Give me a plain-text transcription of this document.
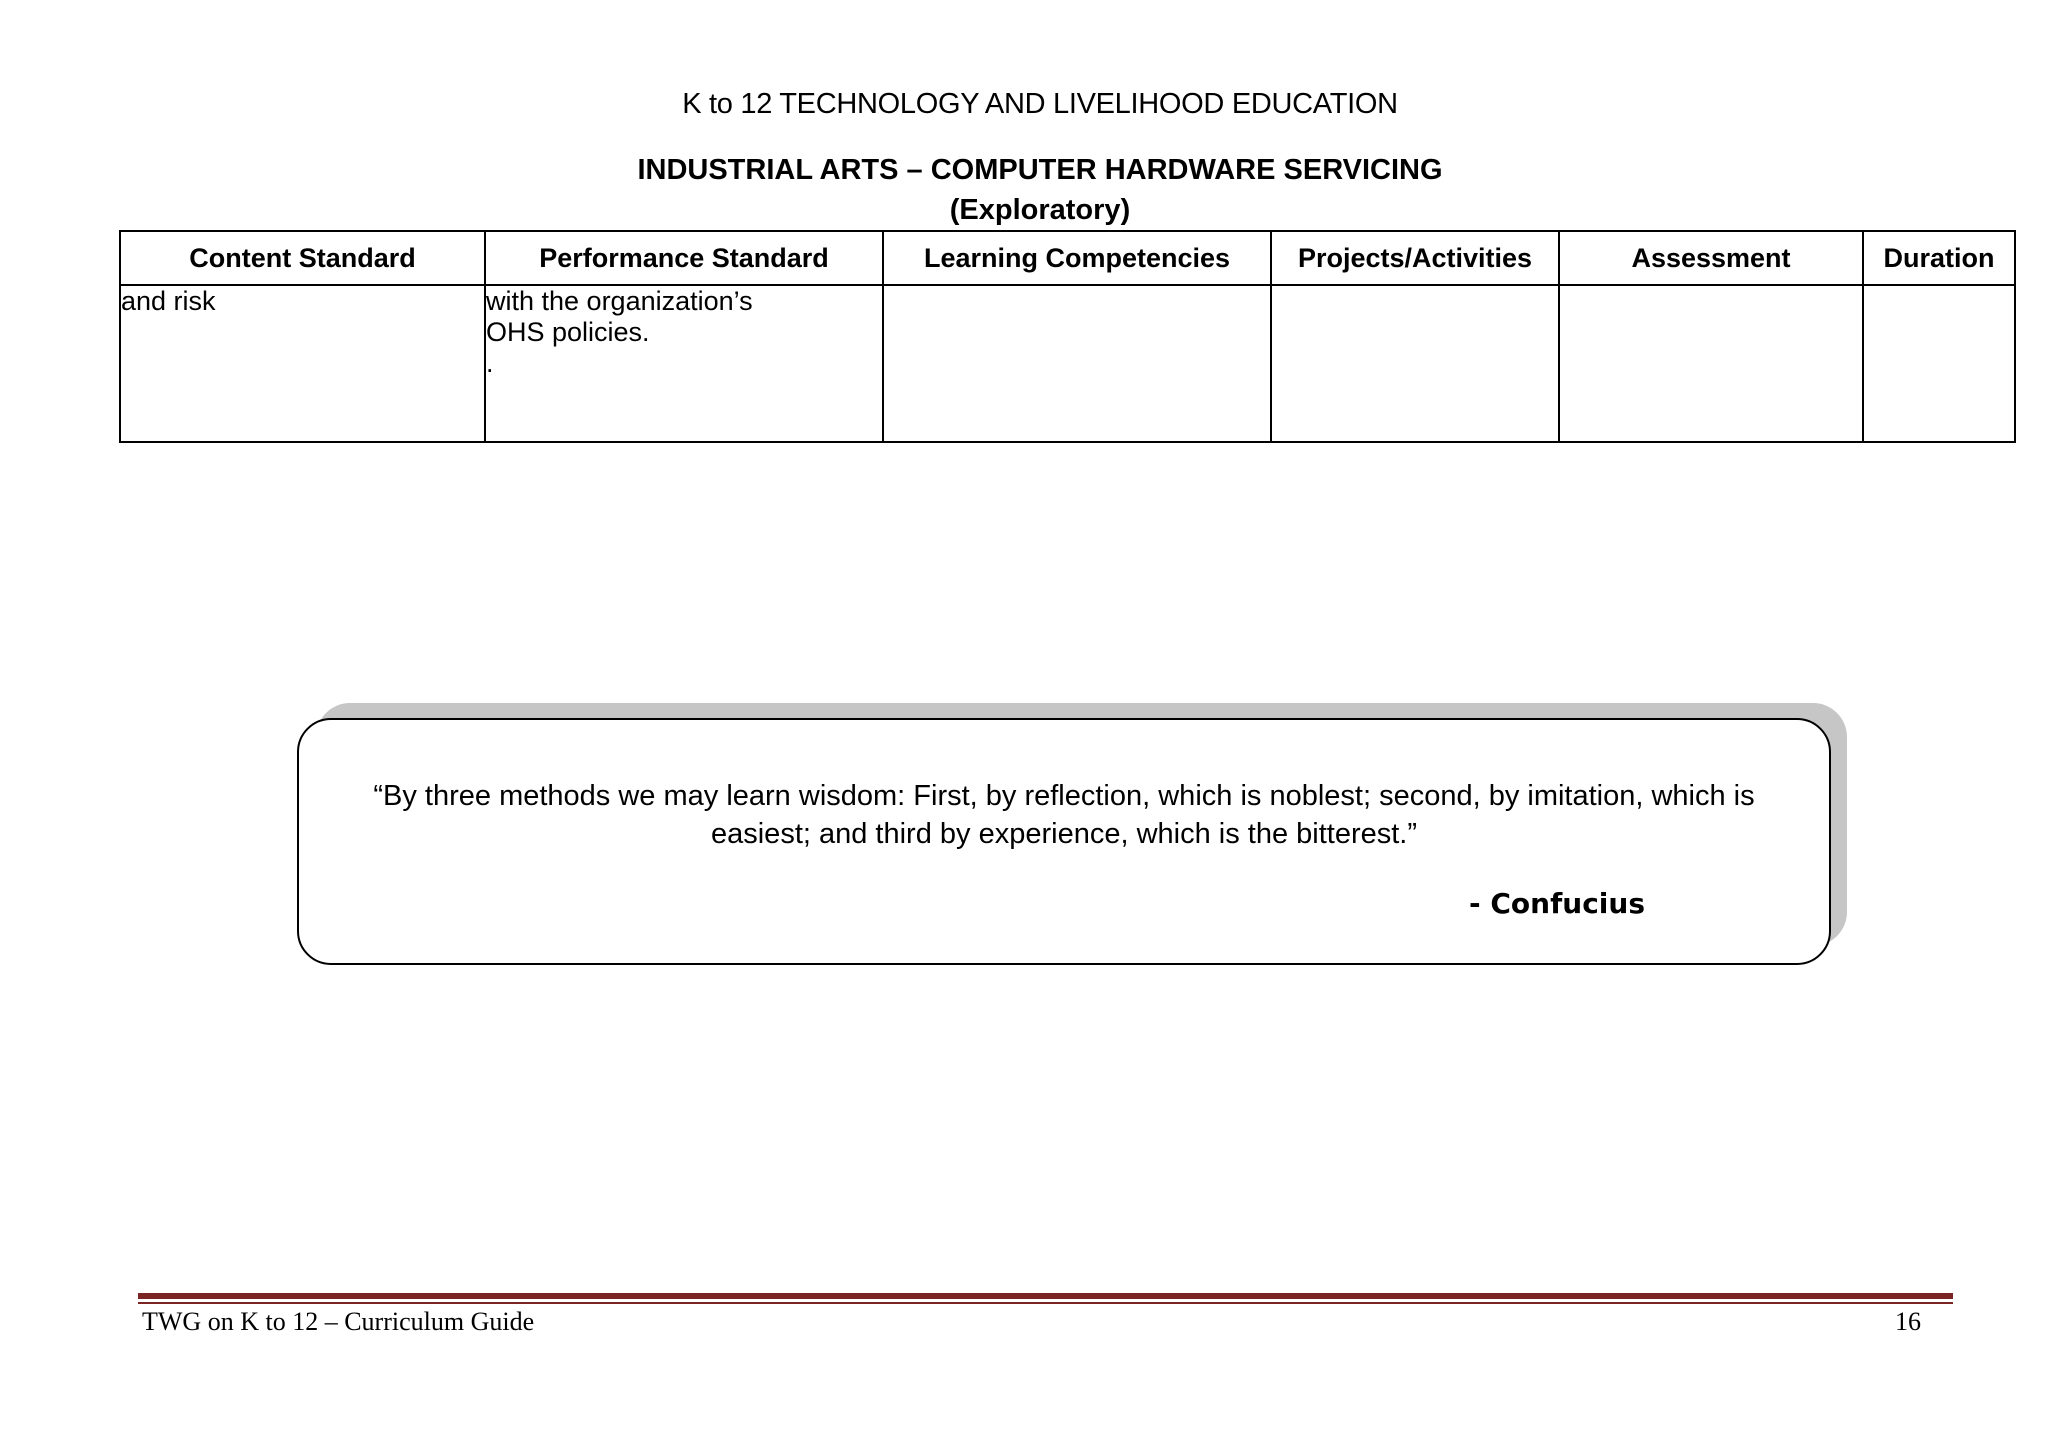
K to 12 TECHNOLOGY AND LIVELIHOOD EDUCATION
INDUSTRIAL ARTS – COMPUTER HARDWARE SERVICING
(Exploratory)
Content Standard	Performance Standard	Learning Competencies	Projects/Activities	Assessment	Duration
and risk	with the organization’s
OHS policies.
.				

“By three methods we may learn wisdom: First, by reflection, which is noblest; second, by imitation, which is easiest; and third by experience, which is the bitterest.”
- Confucius
TWG on K to 12 – Curriculum Guide	16
